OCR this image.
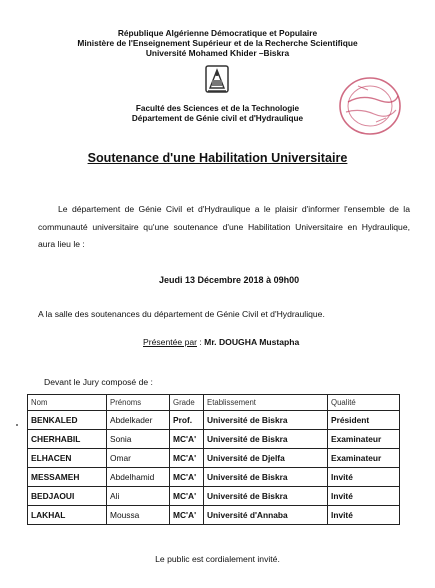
République Algérienne Démocratique et Populaire
Ministère de l'Enseignement Supérieur et de la Recherche Scientifique
Université Mohamed Khider –Biskra
Faculté des Sciences et de la Technologie
Département de Génie civil et d'Hydraulique
Soutenance d'une Habilitation Universitaire
Le département de Génie Civil et d'Hydraulique a le plaisir d'informer l'ensemble de la communauté universitaire qu'une soutenance d'une Habilitation Universitaire en Hydraulique, aura lieu le :
Jeudi 13 Décembre 2018 à 09h00
A la salle des soutenances du département de Génie Civil et d'Hydraulique.
Présentée par : Mr. DOUGHA Mustapha
Devant le Jury composé de :
Nom	Prénoms	Grade	Etablissement	Qualité
BENKALED	Abdelkader	Prof.	Université de Biskra	Président
CHERHABIL	Sonia	MC'A'	Université de Biskra	Examinateur
ELHACEN	Omar	MC'A'	Université de Djelfa	Examinateur
MESSAMEH	Abdelhamid	MC'A'	Université de Biskra	Invité
BEDJAOUI	Ali	MC'A'	Université de Biskra	Invité
LAKHAL	Moussa	MC'A'	Université d'Annaba	Invité
Le public est cordialement invité.
